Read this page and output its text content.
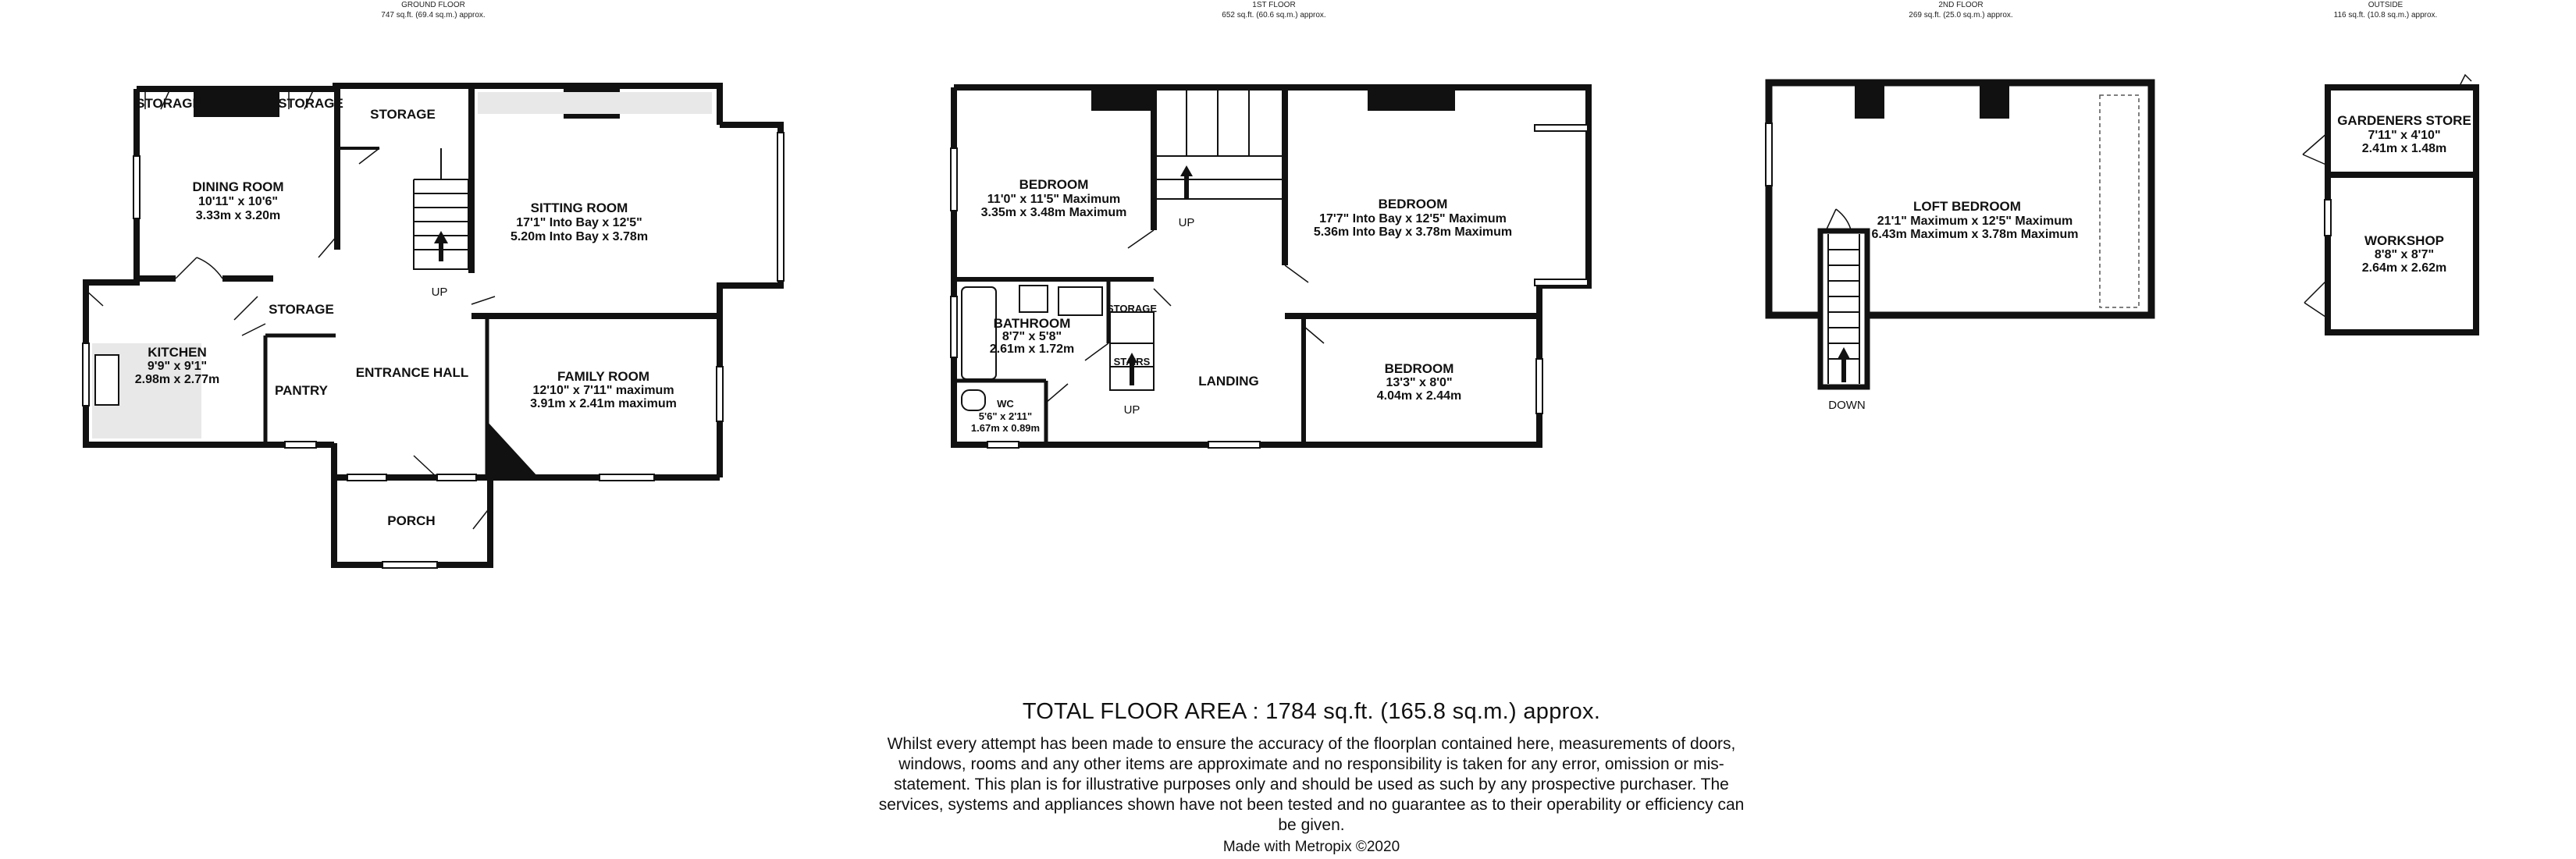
GROUND FLOOR
747 sq.ft. (69.4 sq.m.) approx.
1ST FLOOR
652 sq.ft. (60.6 sq.m.) approx.
2ND FLOOR
269 sq.ft. (25.0 sq.m.) approx.
OUTSIDE
116 sq.ft. (10.8 sq.m.) approx.
STORAGE	STORAGE
STORAGE
DINING ROOM
10'11" x 10'6"
3.33m x 3.20m
SITTING ROOM
17'1" Into Bay x 12'5"
5.20m Into Bay x 3.78m
STORAGE
KITCHEN
9'9" x 9'1"
2.98m x 2.77m
PANTRY
ENTRANCE HALL
UP
FAMILY ROOM
12'10" x 7'11" maximum
3.91m x 2.41m maximum
PORCH
BEDROOM
11'0" x 11'5" Maximum
3.35m x 3.48m Maximum
BEDROOM
17'7" Into Bay x 12'5" Maximum
5.36m Into Bay x 3.78m Maximum
UP
STORAGE
BATHROOM
8'7" x 5'8"
2.61m x 1.72m
STAIRS
LANDING
BEDROOM
13'3" x 8'0"
4.04m x 2.44m
WC
5'6" x 2'11"
1.67m x 0.89m
UP
LOFT BEDROOM
21'1" Maximum x 12'5" Maximum
6.43m Maximum x 3.78m Maximum
DOWN
GARDENERS STORE
7'11" x 4'10"
2.41m x 1.48m
WORKSHOP
8'8" x 8'7"
2.64m x 2.62m
TOTAL FLOOR AREA : 1784 sq.ft. (165.8 sq.m.) approx.
Whilst every attempt has been made to ensure the accuracy of the floorplan contained here, measurements of doors, windows, rooms and any other items are approximate and no responsibility is taken for any error, omission or mis-statement. This plan is for illustrative purposes only and should be used as such by any prospective purchaser. The services, systems and appliances shown have not been tested and no guarantee as to their operability or efficiency can be given.
Made with Metropix ©2020
